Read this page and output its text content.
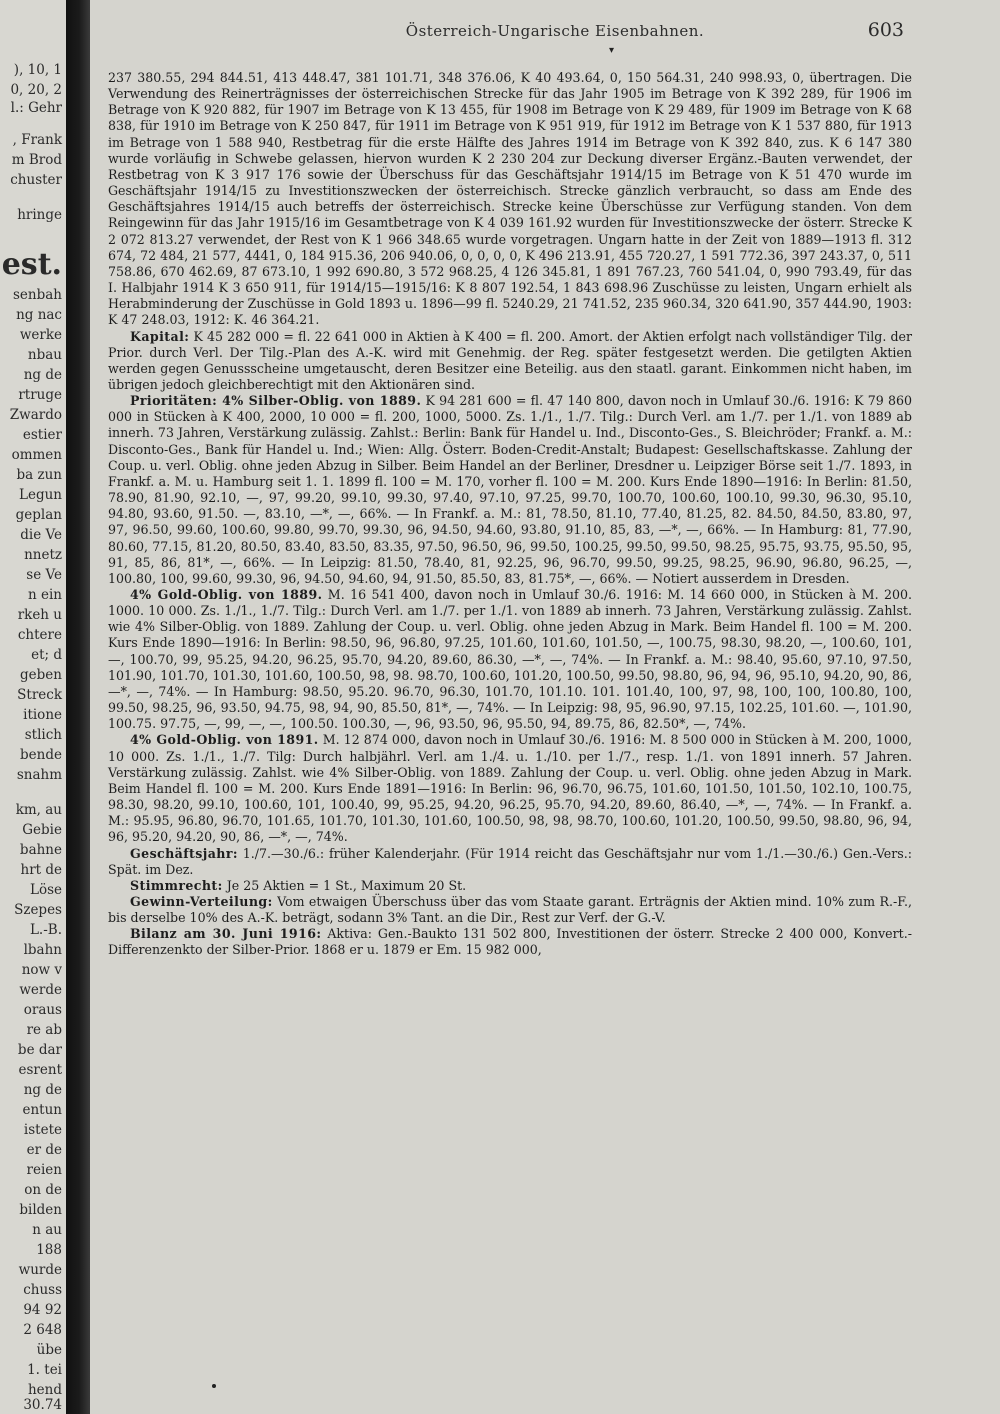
), 10, 1
0, 20, 2
l.: Gehr
, Frank
m Brod
chuster
hringe
est.
senbah
ng nac
werke
nbau
ng de
rtruge
Zwardo
estier
ommen
ba zun
Legun
geplan
die Ve
nnetz
se Ve
n ein
rkeh u
chtere
et; d
geben
Streck
itione
stlich
bende
snahm
km, au
Gebie
bahne
hrt de
Löse
Szepes
L.-B.
lbahn
now v
werde
oraus
re ab
be dar
esrent
ng de
entun
istete
er de
reien
on de
bilden
n au
188
wurde
chuss
94 92
2 648
übe
1. tei
hend
30.74
Österreich-Ungarische Eisenbahnen.
▾
603

237 380.55, 294 844.51, 413 448.47, 381 101.71, 348 376.06, K 40 493.64, 0, 150 564.31, 240 998.93, 0, übertragen. Die Verwendung des Reinerträgnisses der österreichischen Strecke für das Jahr 1905 im Betrage von K 392 289, für 1906 im Betrage von K 920 882, für 1907 im Betrage von K 13 455, für 1908 im Betrage von K 29 489, für 1909 im Betrage von K 68 838, für 1910 im Betrage von K 250 847, für 1911 im Betrage von K 951 919, für 1912 im Betrage von K 1 537 880, für 1913 im Betrage von 1 588 940, Restbetrag für die erste Hälfte des Jahres 1914 im Betrage von K 392 840, zus. K 6 147 380 wurde vorläufig in Schwebe gelassen, hiervon wurden K 2 230 204 zur Deckung diverser Ergänz.-Bauten verwendet, der Restbetrag von K 3 917 176 sowie der Überschuss für das Geschäftsjahr 1914/15 im Betrage von K 51 470 wurde im Geschäftsjahr 1914/15 zu Investitionszwecken der österreichisch. Strecke gänzlich verbraucht, so dass am Ende des Geschäftsjahres 1914/15 auch betreffs der österreichisch. Strecke keine Überschüsse zur Verfügung standen. Von dem Reingewinn für das Jahr 1915/16 im Gesamtbetrage von K 4 039 161.92 wurden für Investitionszwecke der österr. Strecke K 2 072 813.27 verwendet, der Rest von K 1 966 348.65 wurde vorgetragen. Ungarn hatte in der Zeit von 1889—1913 fl. 312 674, 72 484, 21 577, 4441, 0, 184 915.36, 206 940.06, 0, 0, 0, 0, K 496 213.91, 455 720.27, 1 591 772.36, 397 243.37, 0, 511 758.86, 670 462.69, 87 673.10, 1 992 690.80, 3 572 968.25, 4 126 345.81, 1 891 767.23, 760 541.04, 0, 990 793.49, für das I. Halbjahr 1914 K 3 650 911, für 1914/15—1915/16: K 8 807 192.54, 1 843 698.96 Zuschüsse zu leisten, Ungarn erhielt als Herabminderung der Zuschüsse in Gold 1893 u. 1896—99 fl. 5240.29, 21 741.52, 235 960.34, 320 641.90, 357 444.90, 1903: K 47 248.03, 1912: K. 46 364.21.

Kapital: K 45 282 000 = fl. 22 641 000 in Aktien à K 400 = fl. 200. Amort. der Aktien erfolgt nach vollständiger Tilg. der Prior. durch Verl. Der Tilg.-Plan des A.-K. wird mit Genehmig. der Reg. später festgesetzt werden. Die getilgten Aktien werden gegen Genussscheine umgetauscht, deren Besitzer eine Beteilig. aus den staatl. garant. Einkommen nicht haben, im übrigen jedoch gleichberechtigt mit den Aktionären sind.

Prioritäten: 4% Silber-Oblig. von 1889. K 94 281 600 = fl. 47 140 800, davon noch in Umlauf 30./6. 1916: K 79 860 000 in Stücken à K 400, 2000, 10 000 = fl. 200, 1000, 5000. Zs. 1./1., 1./7. Tilg.: Durch Verl. am 1./7. per 1./1. von 1889 ab innerh. 73 Jahren, Verstärkung zulässig. Zahlst.: Berlin: Bank für Handel u. Ind., Disconto-Ges., S. Bleichröder; Frankf. a. M.: Disconto-Ges., Bank für Handel u. Ind.; Wien: Allg. Österr. Boden-Credit-Anstalt; Budapest: Gesellschaftskasse. Zahlung der Coup. u. verl. Oblig. ohne jeden Abzug in Silber. Beim Handel an der Berliner, Dresdner u. Leipziger Börse seit 1./7. 1893, in Frankf. a. M. u. Hamburg seit 1. 1. 1899 fl. 100 = M. 170, vorher fl. 100 = M. 200. Kurs Ende 1890—1916: In Berlin: 81.50, 78.90, 81.90, 92.10, —, 97, 99.20, 99.10, 99.30, 97.40, 97.10, 97.25, 99.70, 100.70, 100.60, 100.10, 99.30, 96.30, 95.10, 94.80, 93.60, 91.50. —, 83.10, —*, —, 66%. — In Frankf. a. M.: 81, 78.50, 81.10, 77.40, 81.25, 82. 84.50, 84.50, 83.80, 97, 97, 96.50, 99.60, 100.60, 99.80, 99.70, 99.30, 96, 94.50, 94.60, 93.80, 91.10, 85, 83, —*, —, 66%. — In Hamburg: 81, 77.90, 80.60, 77.15, 81.20, 80.50, 83.40, 83.50, 83.35, 97.50, 96.50, 96, 99.50, 100.25, 99.50, 99.50, 98.25, 95.75, 93.75, 95.50, 95, 91, 85, 86, 81*, —, 66%. — In Leipzig: 81.50, 78.40, 81, 92.25, 96, 96.70, 99.50, 99.25, 98.25, 96.90, 96.80, 96.25, —, 100.80, 100, 99.60, 99.30, 96, 94.50, 94.60, 94, 91.50, 85.50, 83, 81.75*, —, 66%. — Notiert ausserdem in Dresden.

4% Gold-Oblig. von 1889. M. 16 541 400, davon noch in Umlauf 30./6. 1916: M. 14 660 000, in Stücken à M. 200. 1000. 10 000. Zs. 1./1., 1./7. Tilg.: Durch Verl. am 1./7. per 1./1. von 1889 ab innerh. 73 Jahren, Verstärkung zulässig. Zahlst. wie 4% Silber-Oblig. von 1889. Zahlung der Coup. u. verl. Oblig. ohne jeden Abzug in Mark. Beim Handel fl. 100 = M. 200. Kurs Ende 1890—1916: In Berlin: 98.50, 96, 96.80, 97.25, 101.60, 101.60, 101.50, —, 100.75, 98.30, 98.20, —, 100.60, 101, —, 100.70, 99, 95.25, 94.20, 96.25, 95.70, 94.20, 89.60, 86.30, —*, —, 74%. — In Frankf. a. M.: 98.40, 95.60, 97.10, 97.50, 101.90, 101.70, 101.30, 101.60, 100.50, 98, 98. 98.70, 100.60, 101.20, 100.50, 99.50, 98.80, 96, 94, 96, 95.10, 94.20, 90, 86, —*, —, 74%. — In Hamburg: 98.50, 95.20. 96.70, 96.30, 101.70, 101.10. 101. 101.40, 100, 97, 98, 100, 100, 100.80, 100, 99.50, 98.25, 96, 93.50, 94.75, 98, 94, 90, 85.50, 81*, —, 74%. — In Leipzig: 98, 95, 96.90, 97.15, 102.25, 101.60. —, 101.90, 100.75. 97.75, —, 99, —, —, 100.50. 100.30, —, 96, 93.50, 96, 95.50, 94, 89.75, 86, 82.50*, —, 74%.

4% Gold-Oblig. von 1891. M. 12 874 000, davon noch in Umlauf 30./6. 1916: M. 8 500 000 in Stücken à M. 200, 1000, 10 000. Zs. 1./1., 1./7. Tilg: Durch halbjährl. Verl. am 1./4. u. 1./10. per 1./7., resp. 1./1. von 1891 innerh. 57 Jahren. Verstärkung zulässig. Zahlst. wie 4% Silber-Oblig. von 1889. Zahlung der Coup. u. verl. Oblig. ohne jeden Abzug in Mark. Beim Handel fl. 100 = M. 200. Kurs Ende 1891—1916: In Berlin: 96, 96.70, 96.75, 101.60, 101.50, 101.50, 102.10, 100.75, 98.30, 98.20, 99.10, 100.60, 101, 100.40, 99, 95.25, 94.20, 96.25, 95.70, 94.20, 89.60, 86.40, —*, —, 74%. — In Frankf. a. M.: 95.95, 96.80, 96.70, 101.65, 101.70, 101.30, 101.60, 100.50, 98, 98, 98.70, 100.60, 101.20, 100.50, 99.50, 98.80, 96, 94, 96, 95.20, 94.20, 90, 86, —*, —, 74%.

Geschäftsjahr: 1./7.—30./6.: früher Kalenderjahr. (Für 1914 reicht das Geschäftsjahr nur vom 1./1.—30./6.) Gen.-Vers.: Spät. im Dez.

Stimmrecht: Je 25 Aktien = 1 St., Maximum 20 St.

Gewinn-Verteilung: Vom etwaigen Überschuss über das vom Staate garant. Erträgnis der Aktien mind. 10% zum R.-F., bis derselbe 10% des A.-K. beträgt, sodann 3% Tant. an die Dir., Rest zur Verf. der G.-V.

Bilanz am 30. Juni 1916: Aktiva: Gen.-Baukto 131 502 800, Investitionen der österr. Strecke 2 400 000, Konvert.-Differenzenkto der Silber-Prior. 1868 er u. 1879 er Em. 15 982 000,
